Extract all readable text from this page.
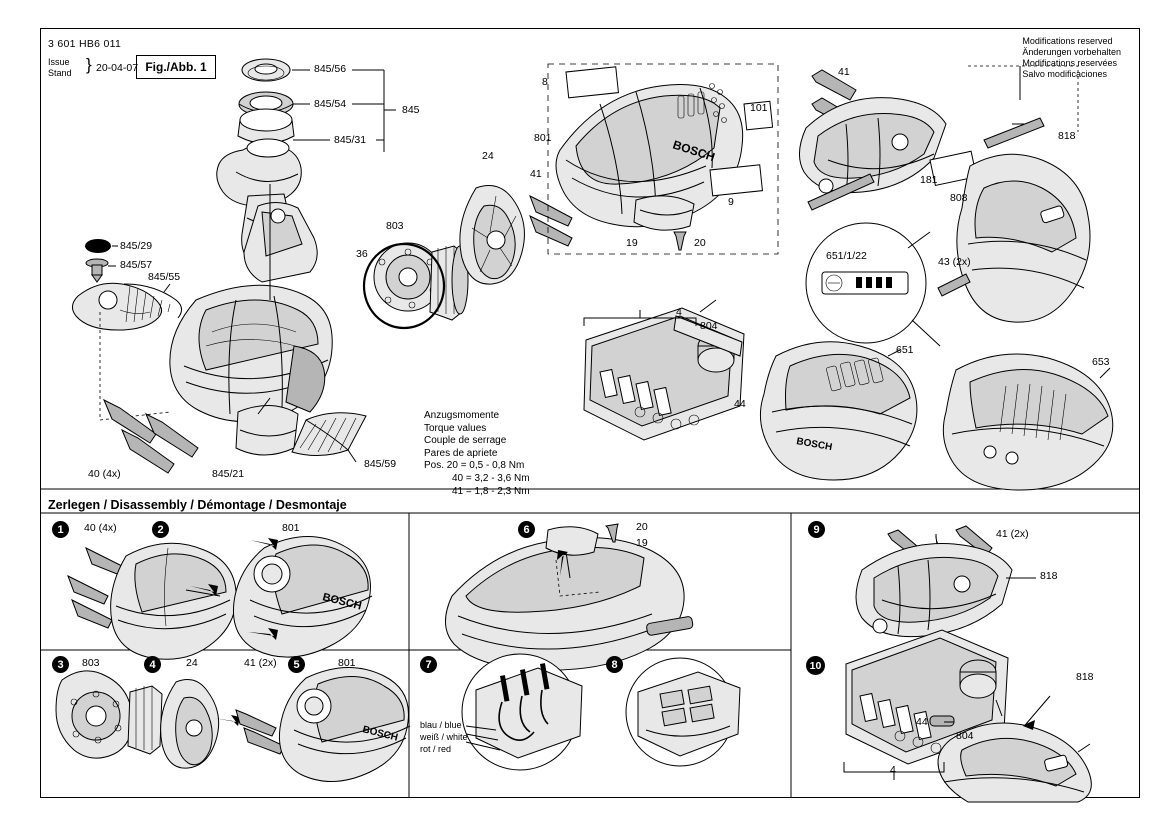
3 601 HB6 011
Issue
Stand } 20-04-07 Fig./Abb. 1
Modifications reserved
Änderungen vorbehalten
Modifications reservées
Salvo modificaciones
Anzugsmomente
Torque values
Couple de serrage
Pares de apriete
Pos. 20 = 0,5 - 0,8 Nm
40 = 3,2 - 3,6 Nm
41 = 1,8 - 2,3 Nm
Zerlegen / Disassembly / Démontage / Desmontaje
BOSCH
BOSCH
BOSCH
BOSCH
845/56
845/54
845/31
845
845/29
845/57
845/55
845/21
845/59
40 (4x)
24
803
36
801
41
8
101
9
19	20
4
804
44
41
818
181
808
651/1/22	43 (2x)
651
653
1	2
3	4	5
6
7	8
9
10
40 (4x)	801
803	24	41 (2x)	801
20
19
blau / blue
weiß / white
rot / red
41 (2x)
818
818
44
804
4
